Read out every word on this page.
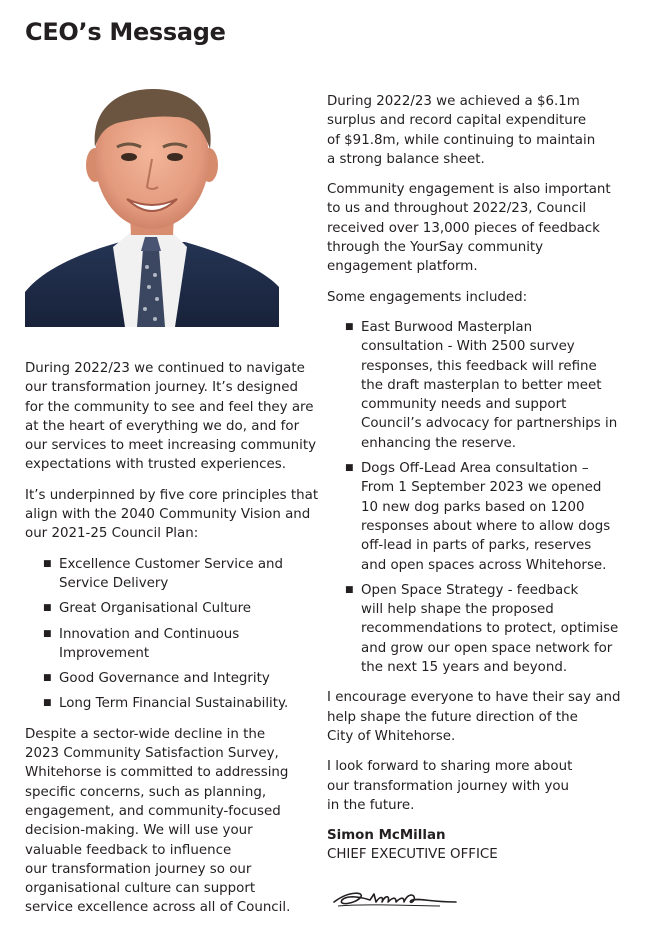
CEO’s Message

During 2022/23 we continued to navigate
our transformation journey. It’s designed
for the community to see and feel they are
at the heart of everything we do, and for
our services to meet increasing community
expectations with trusted experiences.

It’s underpinned by five core principles that
align with the 2040 Community Vision and
our 2021-25 Council Plan:

■ Excellence Customer Service and
Service Delivery
■ Great Organisational Culture
■ Innovation and Continuous
Improvement
■ Good Governance and Integrity
■ Long Term Financial Sustainability.

Despite a sector-wide decline in the
2023 Community Satisfaction Survey,
Whitehorse is committed to addressing
specific concerns, such as planning,
engagement, and community-focused
decision-making. We will use your
valuable feedback to influence
our transformation journey so our
organisational culture can support
service excellence across all of Council.

During 2022/23 we achieved a $6.1m
surplus and record capital expenditure
of $91.8m, while continuing to maintain
a strong balance sheet.

Community engagement is also important
to us and throughout 2022/23, Council
received over 13,000 pieces of feedback
through the YourSay community
engagement platform.

Some engagements included:

■ East Burwood Masterplan
consultation - With 2500 survey
responses, this feedback will refine
the draft masterplan to better meet
community needs and support
Council’s advocacy for partnerships in
enhancing the reserve.
■ Dogs Off-Lead Area consultation –
From 1 September 2023 we opened
10 new dog parks based on 1200
responses about where to allow dogs
off-lead in parts of parks, reserves
and open spaces across Whitehorse.
■ Open Space Strategy - feedback
will help shape the proposed
recommendations to protect, optimise
and grow our open space network for
the next 15 years and beyond.

I encourage everyone to have their say and
help shape the future direction of the
City of Whitehorse.

I look forward to sharing more about
our transformation journey with you
in the future.

Simon McMillan
CHIEF EXECUTIVE OFFICE
